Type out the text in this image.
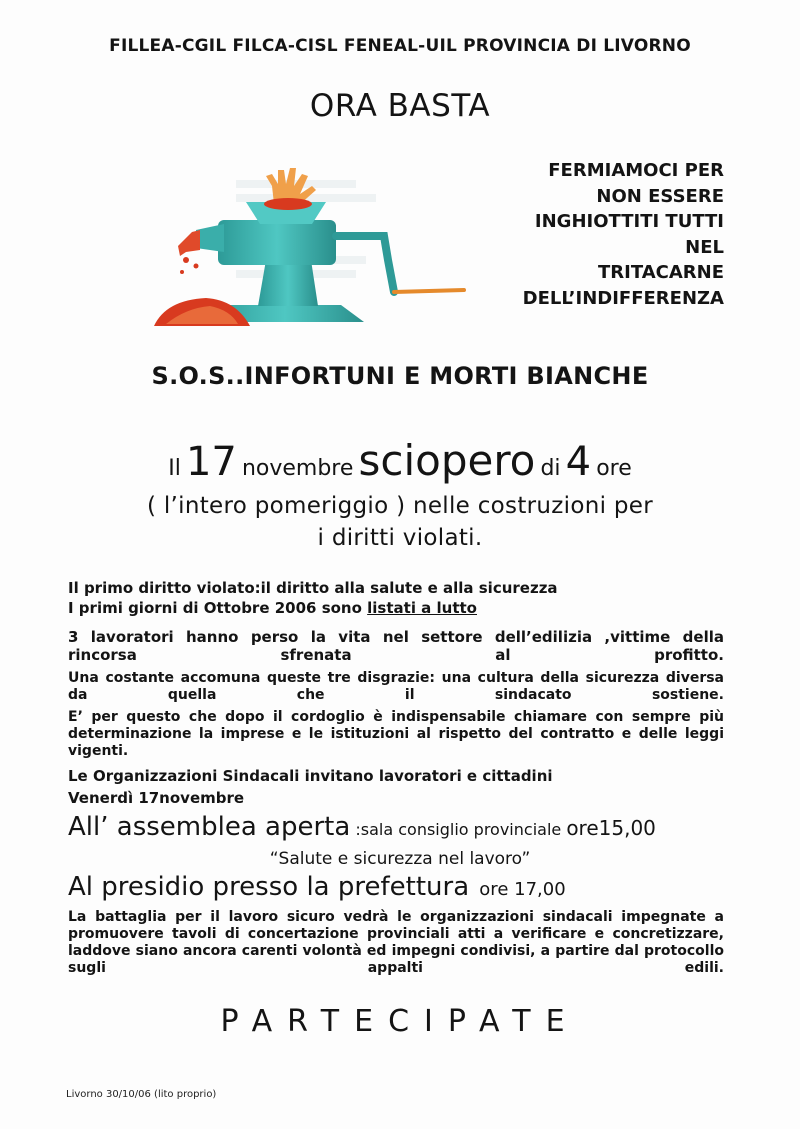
FILLEA-CGIL FILCA-CISL FENEAL-UIL PROVINCIA DI LIVORNO
ORA BASTA
FERMIAMOCI PER
NON ESSERE
INGHIOTTITI TUTTI
NEL
TRITACARNE
DELL’INDIFFERENZA
S.O.S..INFORTUNI E MORTI BIANCHE
Il 17 novembre sciopero di 4 ore
( l’intero pomeriggio ) nelle costruzioni per
i diritti violati.
Il primo diritto violato:il diritto alla salute e alla sicurezza
I primi giorni di Ottobre 2006 sono listati a lutto
3 lavoratori hanno perso la vita nel settore dell’edilizia ,vittime della rincorsa sfrenata al profitto.
Una costante accomuna queste tre disgrazie: una cultura della sicurezza diversa da quella che il sindacato sostiene.
E’ per questo che dopo il cordoglio è indispensabile chiamare con sempre più determinazione la imprese e le istituzioni al rispetto del contratto e delle leggi vigenti.
Le Organizzazioni Sindacali invitano lavoratori e cittadini
Venerdì 17novembre
All’ assemblea aperta :sala consiglio provinciale ore15,00
“Salute e sicurezza nel lavoro”
Al presidio presso la prefettura ore 17,00
La battaglia per il lavoro sicuro vedrà le organizzazioni sindacali impegnate a promuovere tavoli di concertazione provinciali atti a verificare e concretizzare, laddove siano ancora carenti volontà ed impegni condivisi, a partire dal protocollo sugli appalti edili.
PARTECIPATE
Livorno 30/10/06 (lito proprio)
